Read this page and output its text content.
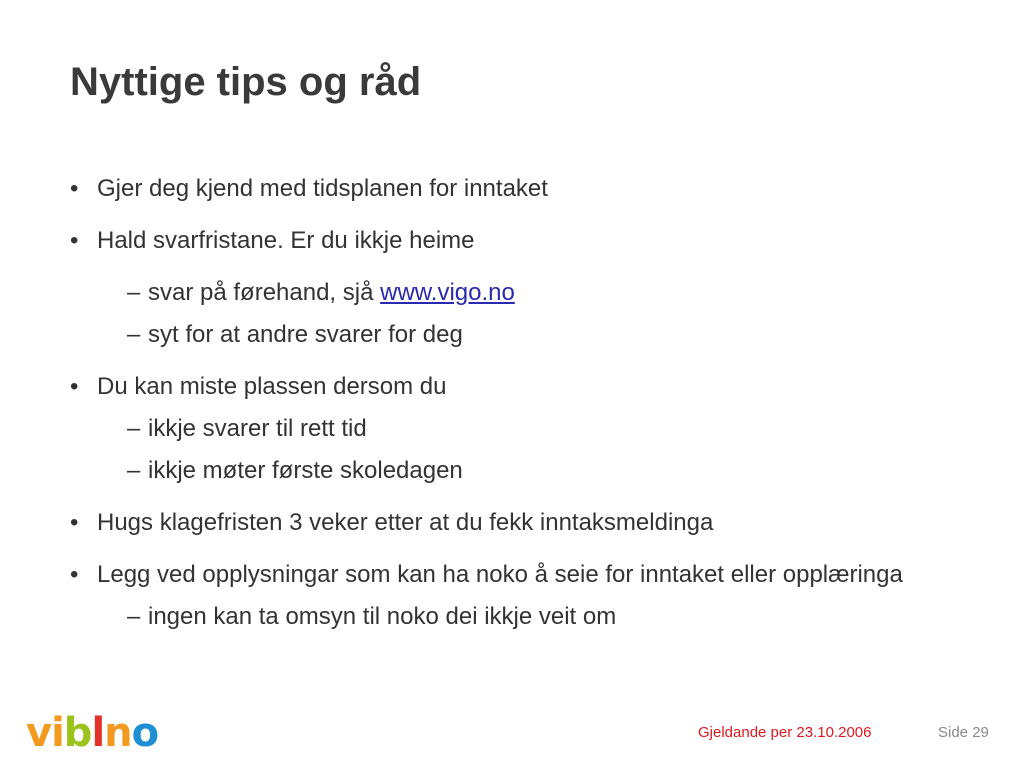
Nyttige tips og råd
• Gjer deg kjend med tidsplanen for inntaket
• Hald svarfristane. Er du ikkje heime
– svar på førehand, sjå www.vigo.no
– syt for at andre svarer for deg
• Du kan miste plassen dersom du
– ikkje svarer til rett tid
– ikkje møter første skoledagen
• Hugs klagefristen 3 veker etter at du fekk inntaksmeldinga
• Legg ved opplysningar som kan ha noko å seie for inntaket eller opplæringa
– ingen kan ta omsyn til noko dei ikkje veit om
viblno	Gjeldande per 23.10.2006	Side 29
